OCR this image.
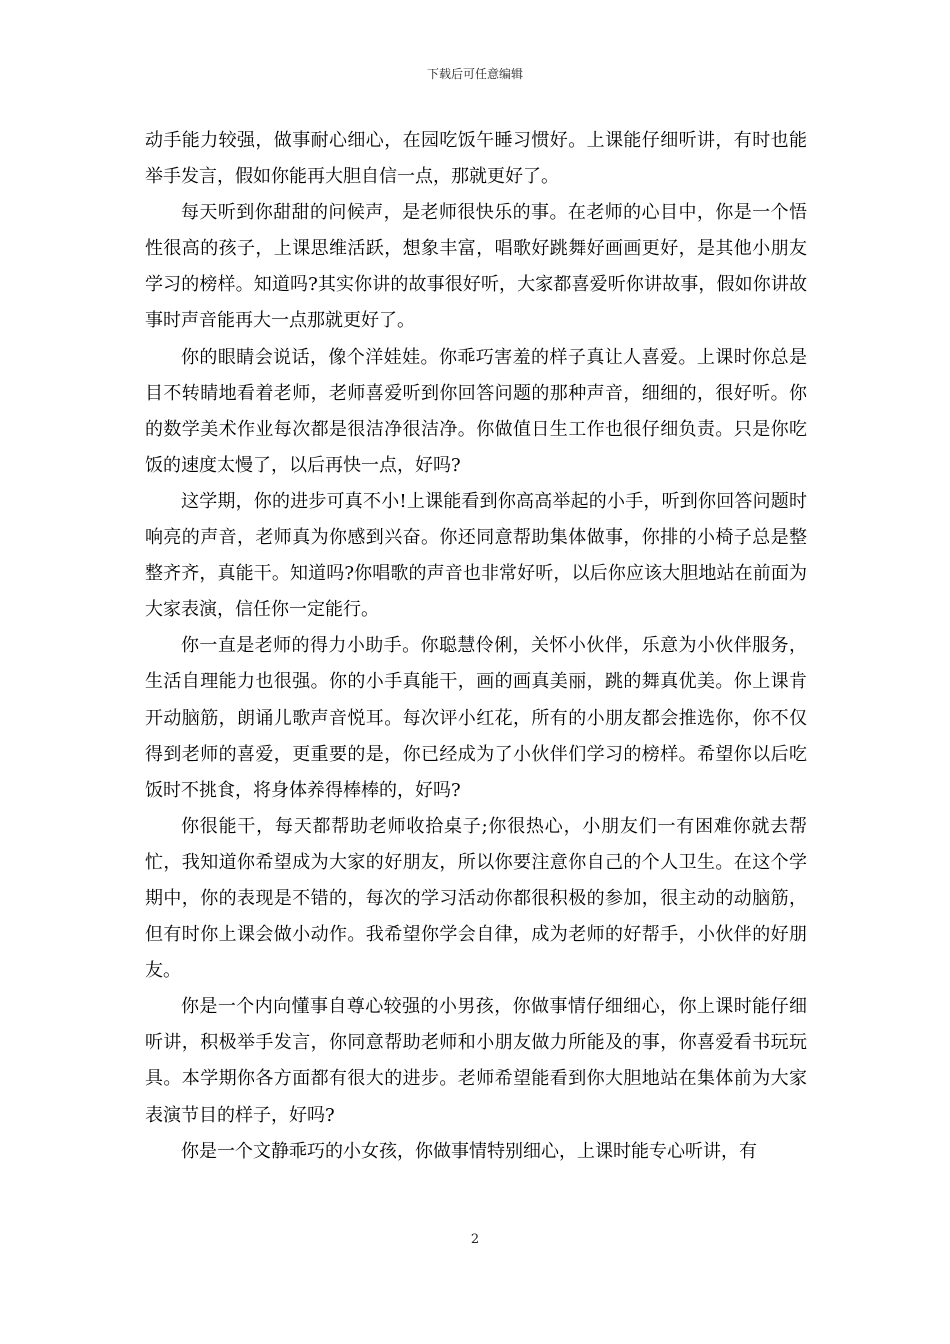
下载后可任意编辑

动手能力较强，做事耐心细心，在园吃饭午睡习惯好。上课能仔细听讲，有时也能举手发言，假如你能再大胆自信一点，那就更好了。

每天听到你甜甜的问候声，是老师很快乐的事。在老师的心目中，你是一个悟性很高的孩子，上课思维活跃，想象丰富，唱歌好跳舞好画画更好，是其他小朋友学习的榜样。知道吗?其实你讲的故事很好听，大家都喜爱听你讲故事，假如你讲故事时声音能再大一点那就更好了。

你的眼睛会说话，像个洋娃娃。你乖巧害羞的样子真让人喜爱。上课时你总是目不转睛地看着老师，老师喜爱听到你回答问题的那种声音，细细的，很好听。你的数学美术作业每次都是很洁净很洁净。你做值日生工作也很仔细负责。只是你吃饭的速度太慢了，以后再快一点，好吗?

这学期，你的进步可真不小!上课能看到你高高举起的小手，听到你回答问题时响亮的声音，老师真为你感到兴奋。你还同意帮助集体做事，你排的小椅子总是整整齐齐，真能干。知道吗?你唱歌的声音也非常好听，以后你应该大胆地站在前面为大家表演，信任你一定能行。

你一直是老师的得力小助手。你聪慧伶俐，关怀小伙伴，乐意为小伙伴服务，生活自理能力也很强。你的小手真能干，画的画真美丽，跳的舞真优美。你上课肯开动脑筋，朗诵儿歌声音悦耳。每次评小红花，所有的小朋友都会推选你，你不仅得到老师的喜爱，更重要的是，你已经成为了小伙伴们学习的榜样。希望你以后吃饭时不挑食，将身体养得棒棒的，好吗?

你很能干，每天都帮助老师收拾桌子;你很热心，小朋友们一有困难你就去帮忙，我知道你希望成为大家的好朋友，所以你要注意你自己的个人卫生。在这个学期中，你的表现是不错的，每次的学习活动你都很积极的参加，很主动的动脑筋，但有时你上课会做小动作。我希望你学会自律，成为老师的好帮手，小伙伴的好朋友。

你是一个内向懂事自尊心较强的小男孩，你做事情仔细细心，你上课时能仔细听讲，积极举手发言，你同意帮助老师和小朋友做力所能及的事，你喜爱看书玩玩具。本学期你各方面都有很大的进步。老师希望能看到你大胆地站在集体前为大家表演节目的样子，好吗?

你是一个文静乖巧的小女孩，你做事情特别细心，上课时能专心听讲，有

2
